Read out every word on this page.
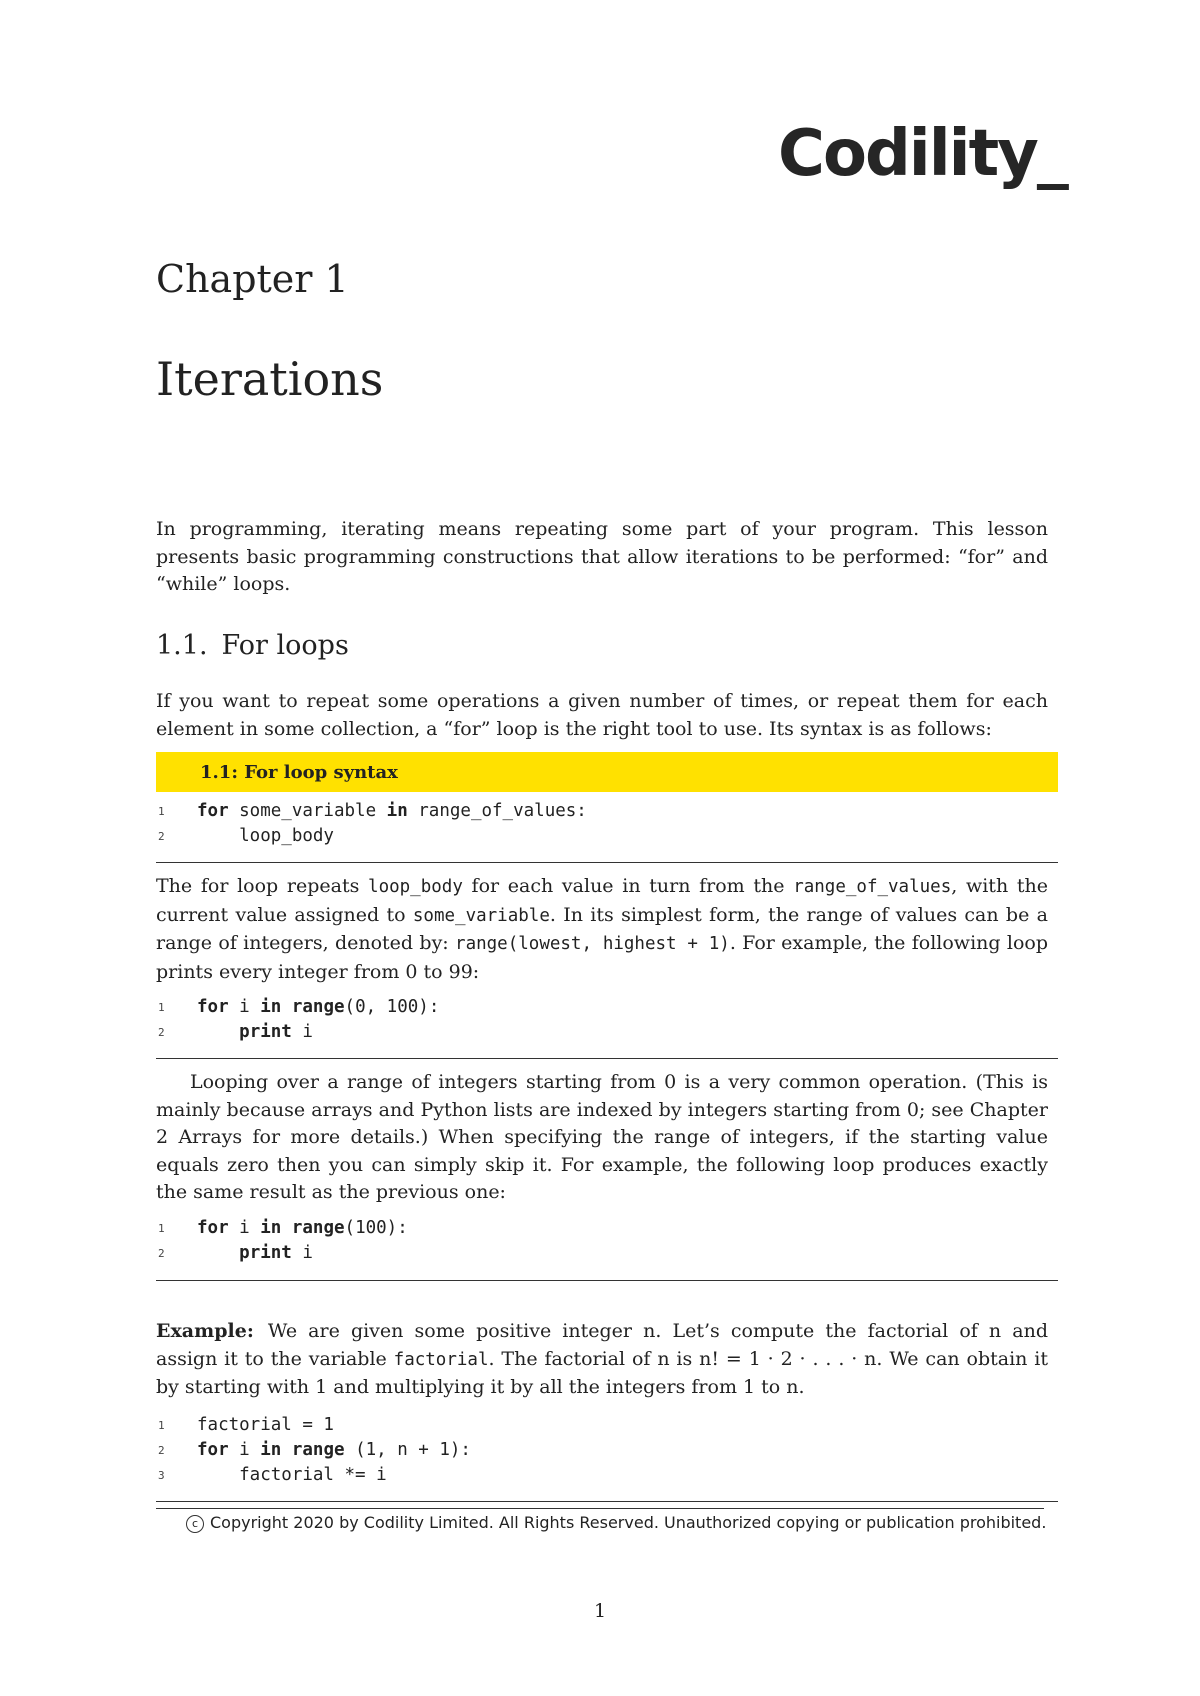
Codility_
Chapter 1
Iterations

In programming, iterating means repeating some part of your program. This lesson presents basic programming constructions that allow iterations to be performed: “for” and “while” loops.

1.1. For loops

If you want to repeat some operations a given number of times, or repeat them for each element in some collection, a “for” loop is the right tool to use. Its syntax is as follows:

1.1: For loop syntax
1	for some_variable in range_of_values:
2	loop_body

The for loop repeats loop_body for each value in turn from the range_of_values, with the current value assigned to some_variable. In its simplest form, the range of values can be a range of integers, denoted by: range(lowest, highest + 1). For example, the following loop prints every integer from 0 to 99:

1	for i in range(0, 100):
2	print i

Looping over a range of integers starting from 0 is a very common operation. (This is mainly because arrays and Python lists are indexed by integers starting from 0; see Chapter 2 Arrays for more details.) When specifying the range of integers, if the starting value equals zero then you can simply skip it. For example, the following loop produces exactly the same result as the previous one:

1	for i in range(100):
2	print i

Example: We are given some positive integer n. Let’s compute the factorial of n and assign it to the variable factorial. The factorial of n is n! = 1 · 2 · . . . · n. We can obtain it by starting with 1 and multiplying it by all the integers from 1 to n.

1	factorial = 1
2	for i in range (1, n + 1):
3	factorial *= i
c Copyright 2020 by Codility Limited. All Rights Reserved. Unauthorized copying or publication prohibited.
1
